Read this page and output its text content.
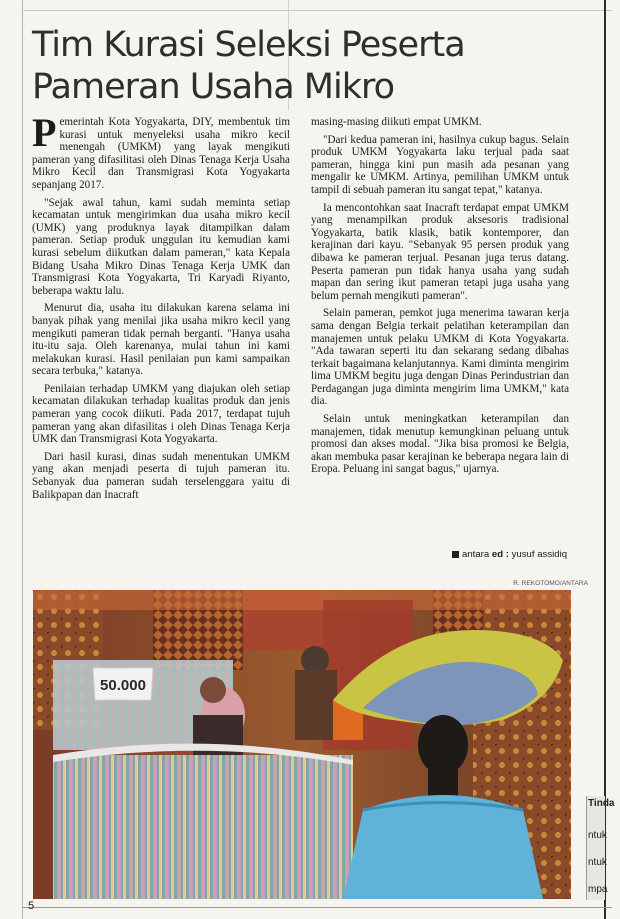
Tim Kurasi Seleksi Peserta
Pameran Usaha Mikro

Pemerintah Kota Yogyakarta, DIY, membentuk tim kurasi untuk menyeleksi usaha mikro kecil menengah (UMKM) yang layak mengikuti pameran yang difasilitasi oleh Dinas Tenaga Kerja Usaha Mikro Kecil dan Transmigrasi Kota Yogyakarta sepanjang 2017.

"Sejak awal tahun, kami sudah meminta setiap kecamatan untuk mengirimkan dua usaha mikro kecil (UMK) yang produknya layak ditampilkan dalam pameran. Setiap produk unggulan itu kemudian kami kurasi sebelum diikutkan dalam pameran," kata Kepala Bidang Usaha Mikro Dinas Tenaga Kerja UMK dan Transmigrasi Kota Yogyakarta, Tri Karyadi Riyanto, beberapa waktu lalu.

Menurut dia, usaha itu dilakukan karena selama ini banyak pihak yang menilai jika usaha mikro kecil yang mengikuti pameran tidak pernah berganti. "Hanya usaha itu-itu saja. Oleh karenanya, mulai tahun ini kami melakukan kurasi. Hasil penilaian pun kami sampaikan secara terbuka," katanya.

Penilaian terhadap UMKM yang diajukan oleh setiap kecamatan dilakukan terhadap kualitas produk dan jenis pameran yang cocok diikuti. Pada 2017, terdapat tujuh pameran yang akan difasilitas i oleh Dinas Tenaga Kerja UMK dan Transmigrasi Kota Yogyakarta.

Dari hasil kurasi, dinas sudah menentukan UMKM yang akan menjadi peserta di tujuh pameran itu. Sebanyak dua pameran sudah terselenggara yaitu di Balikpapan dan Inacraft

masing-masing diikuti empat UMKM.

"Dari kedua pameran ini, hasilnya cukup bagus. Selain produk UMKM Yogyakarta laku terjual pada saat pameran, hingga kini pun masih ada pesanan yang mengalir ke UMKM. Artinya, pemilihan UMKM untuk tampil di sebuah pameran itu sangat tepat," katanya.

Ia mencontohkan saat Inacraft terdapat empat UMKM yang menampilkan produk aksesoris tradisional Yogyakarta, batik klasik, batik kontemporer, dan kerajinan dari kayu. "Sebanyak 95 persen produk yang dibawa ke pameran terjual. Pesanan juga terus datang. Peserta pameran pun tidak hanya usaha yang sudah mapan dan sering ikut pameran tetapi juga usaha yang belum pernah mengikuti pameran".

Selain pameran, pemkot juga menerima tawaran kerja sama dengan Belgia terkait pelatihan keterampilan dan manajemen untuk pelaku UMKM di Kota Yogyakarta. "Ada tawaran seperti itu dan sekarang sedang dibahas terkait bagaimana kelanjutannya. Kami diminta mengirim lima UMKM begitu juga dengan Dinas Perindustrian dan Perdagangan juga diminta mengirim lima UMKM," kata dia.

Selain untuk meningkatkan keterampilan dan manajemen, tidak menutup kemungkinan peluang untuk promosi dan akses modal. "Jika bisa promosi ke Belgia, akan membuka pasar kerajinan ke beberapa negara lain di Eropa. Peluang ini sangat bagus," ujarnya.

antara ed : yusuf assidiq
R. REKOTOMO/ANTARA
50.000
Tinda
ntuk
ntuk
mpa
5
